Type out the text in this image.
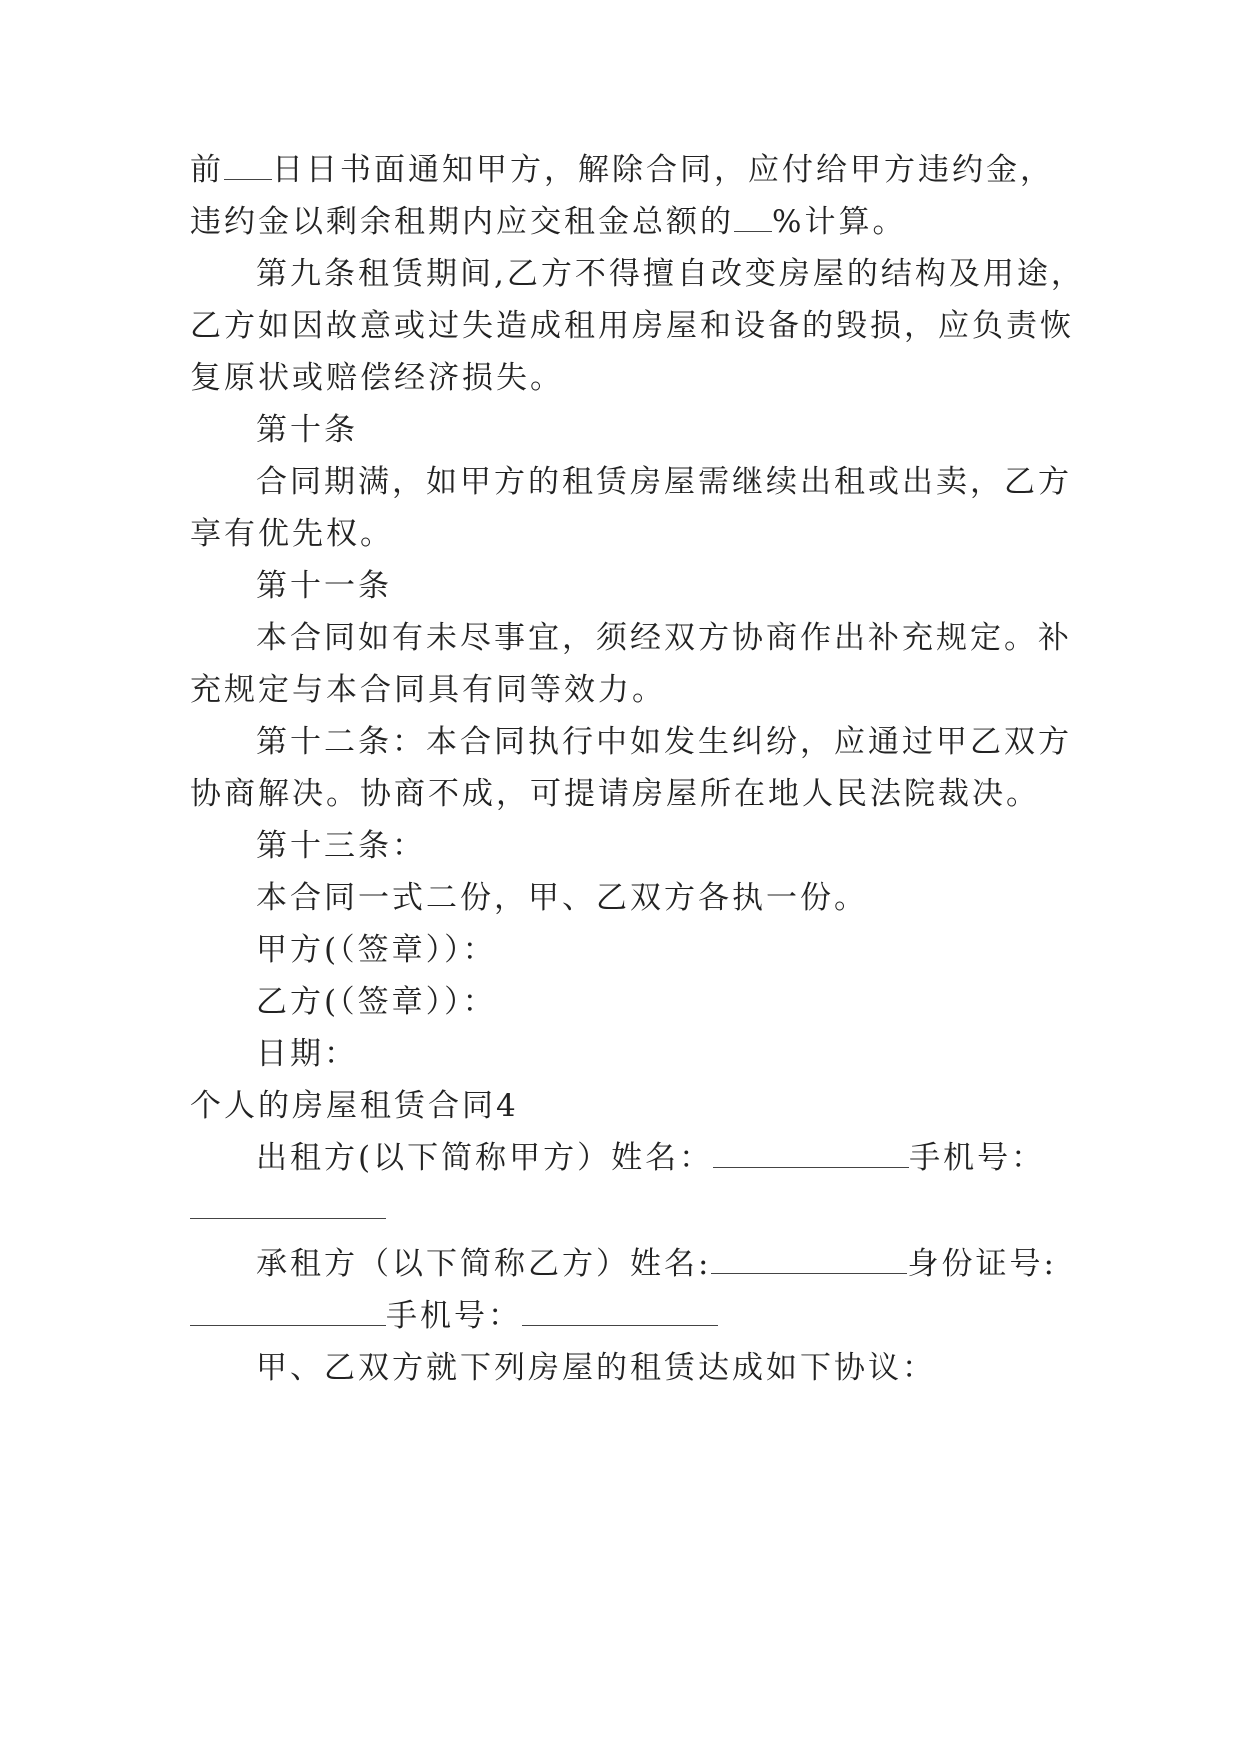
前 日日书面通知甲方，解除合同，应付给甲方违约金，
违约金以剩余租期内应交租金总额的 %计算。
第九条租赁期间,乙方不得擅自改变房屋的结构及用途，
乙方如因故意或过失造成租用房屋和设备的毁损，应负责恢
复原状或赔偿经济损失。
第十条
合同期满，如甲方的租赁房屋需继续出租或出卖，乙方
享有优先权。
第十一条
本合同如有未尽事宜，须经双方协商作出补充规定。补
充规定与本合同具有同等效力。
第十二条：本合同执行中如发生纠纷，应通过甲乙双方
协商解决。协商不成，可提请房屋所在地人民法院裁决。
第十三条：
本合同一式二份，甲、乙双方各执一份。
甲方(（签章））：
乙方(（签章））：
日期：
个人的房屋租赁合同4
出租方(以下简称甲方）姓名：	手机号：
承租方（以下简称乙方）姓名:	身份证号:
手机号：
甲、乙双方就下列房屋的租赁达成如下协议：
